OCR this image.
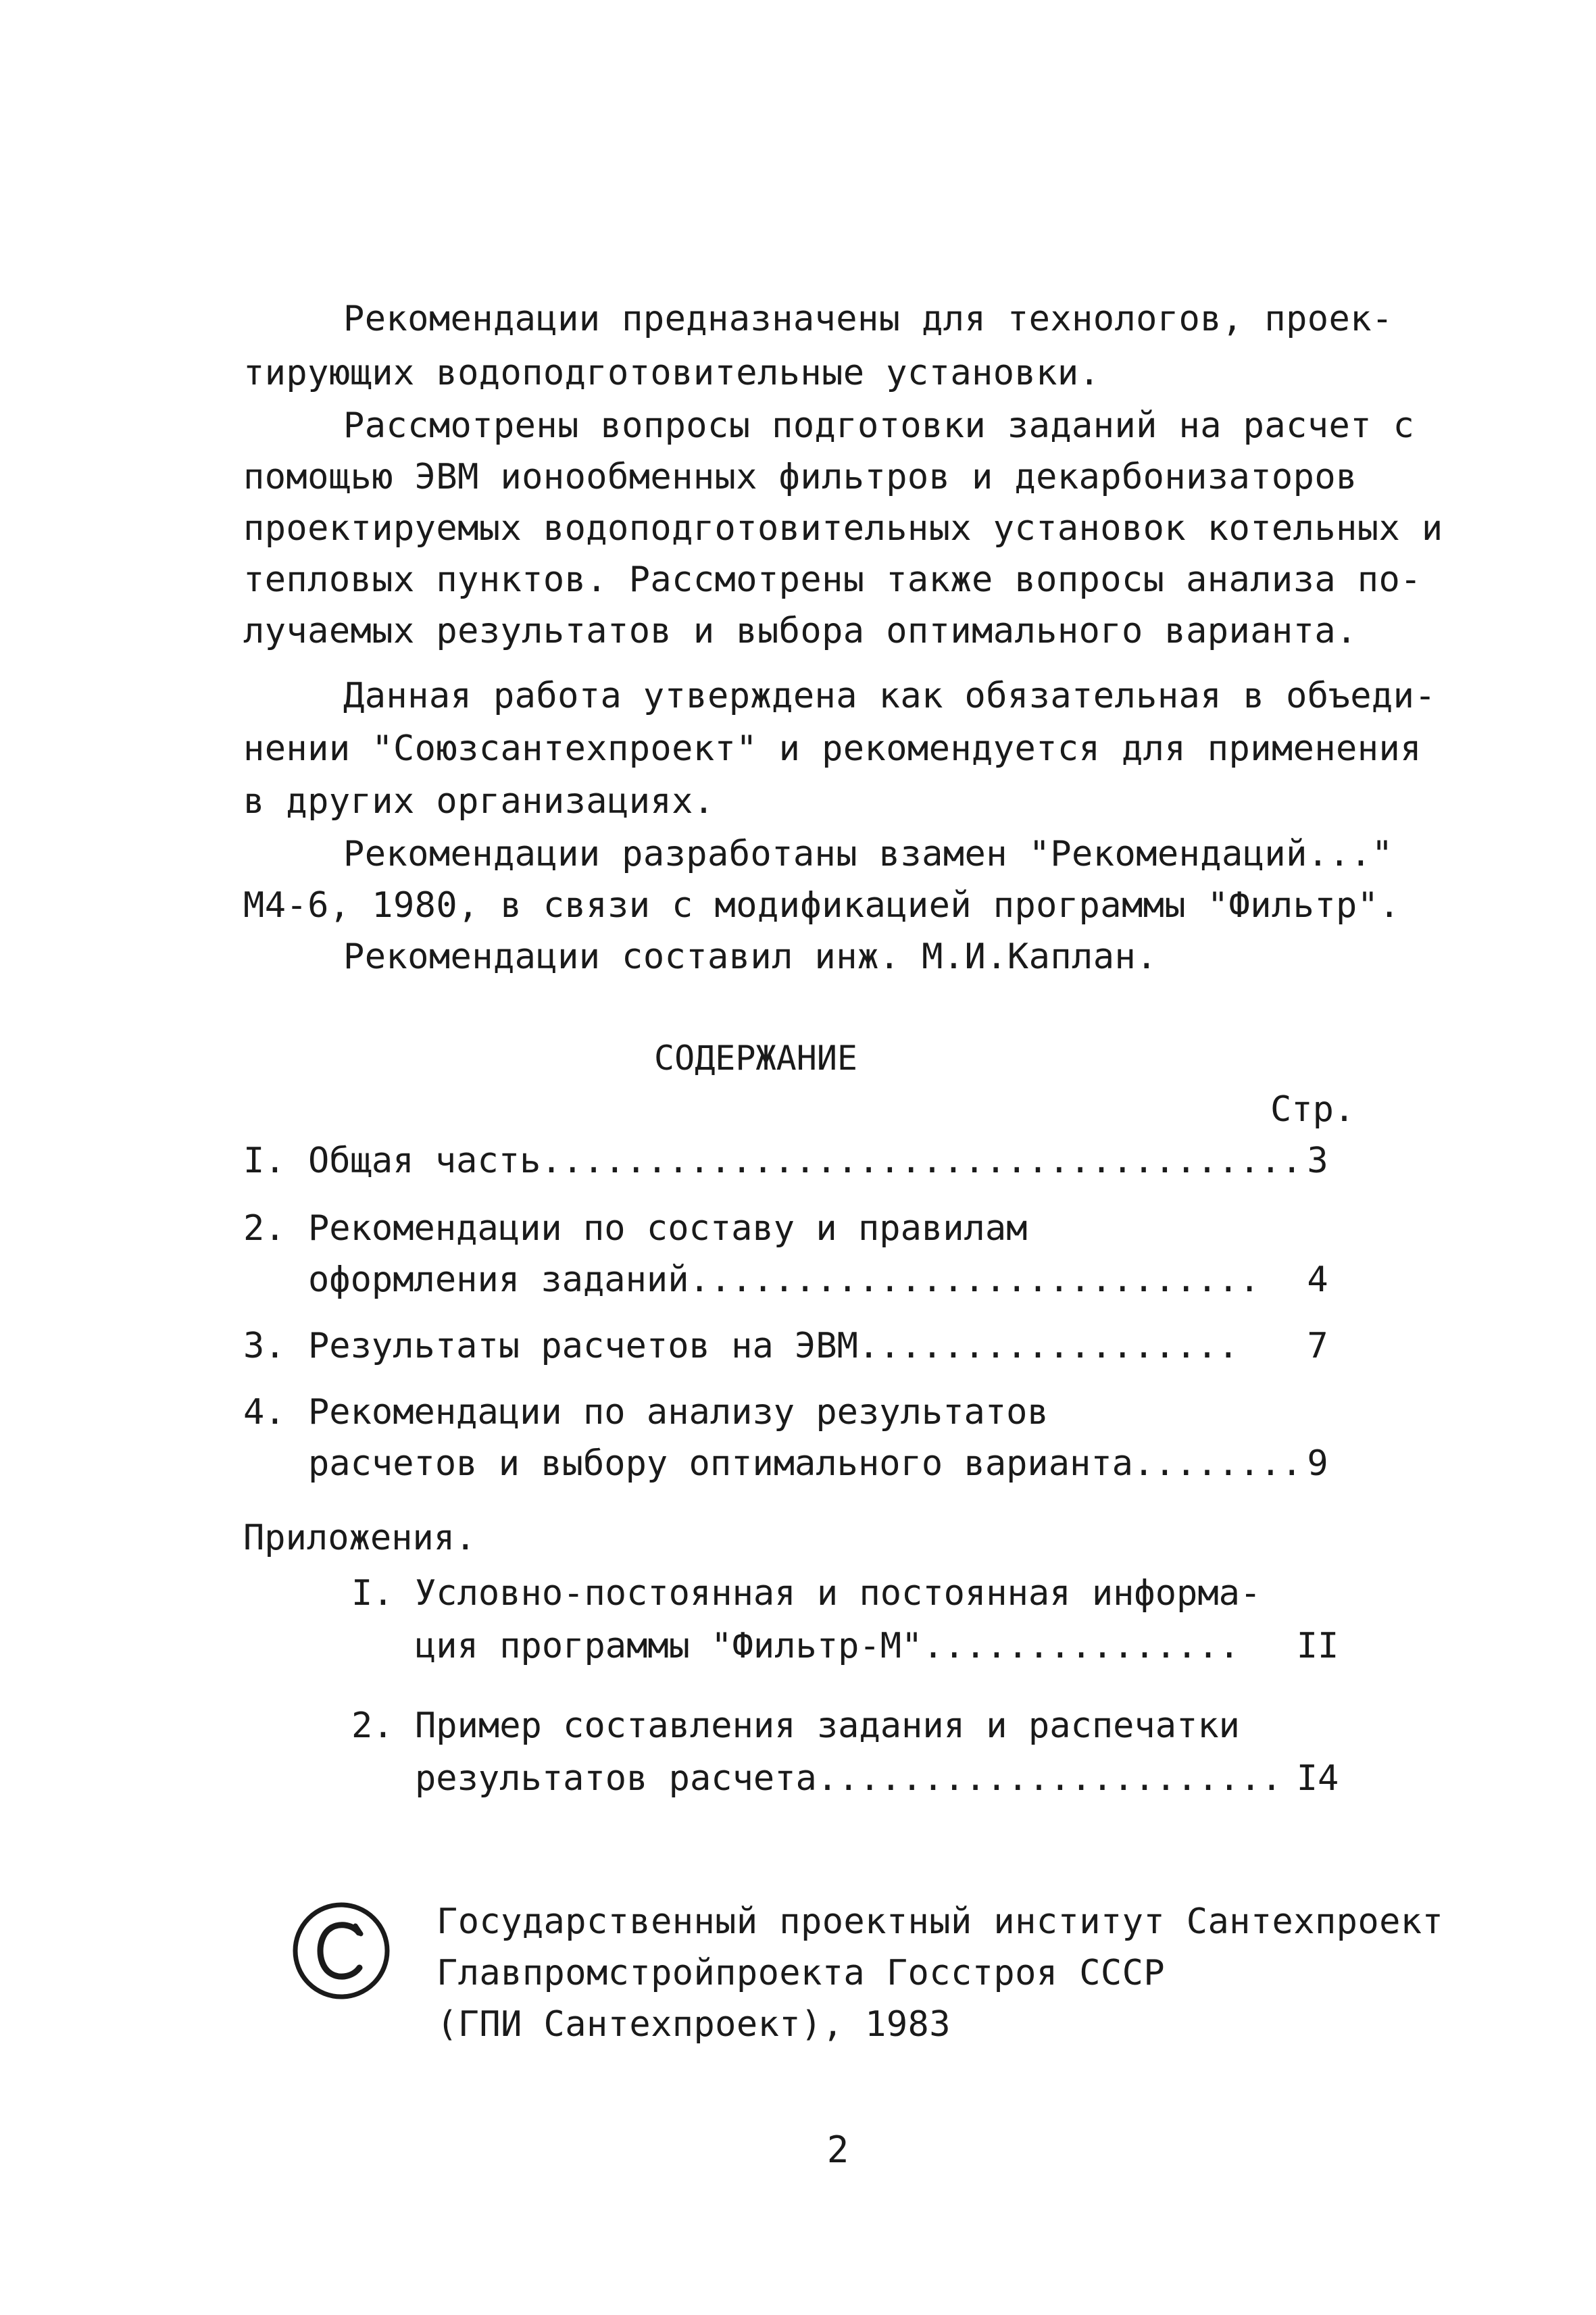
Рекомендации предназначены для технологов, проек-
тирующих водоподготовительные установки.
Рассмотрены вопросы подготовки заданий на расчет с
помощью ЭВМ ионообменных фильтров и декарбонизаторов
проектируемых водоподготовительных установок котельных и
тепловых пунктов. Рассмотрены также вопросы анализа по-
лучаемых результатов и выбора оптимального варианта.
Данная работа утверждена как обязательная в объеди-
нении "Союзсантехпроект" и рекомендуется для применения
в других организациях.
Рекомендации разработаны взамен "Рекомендаций..."
М4-6, 1980, в связи с модификацией программы "Фильтр".
Рекомендации составил инж. М.И.Каплан.
СОДЕРЖАНИЕ
Стр.
I. Общая часть.................................... 3
2. Рекомендации по составу и правилам
оформления заданий...........................	4
3. Результаты расчетов на ЭВМ..................	7
4. Рекомендации по анализу результатов
расчетов и выбору оптимального варианта........ 9
Приложения.
I. Условно-постоянная и постоянная информа-
ция программы "Фильтр-М"...............	II
2. Пример составления задания и распечатки
результатов расчета...................... I4
Государственный проектный институт Сантехпроект
Главпромстройпроекта Госстроя СССР
(ГПИ Сантехпроект), 1983
2
